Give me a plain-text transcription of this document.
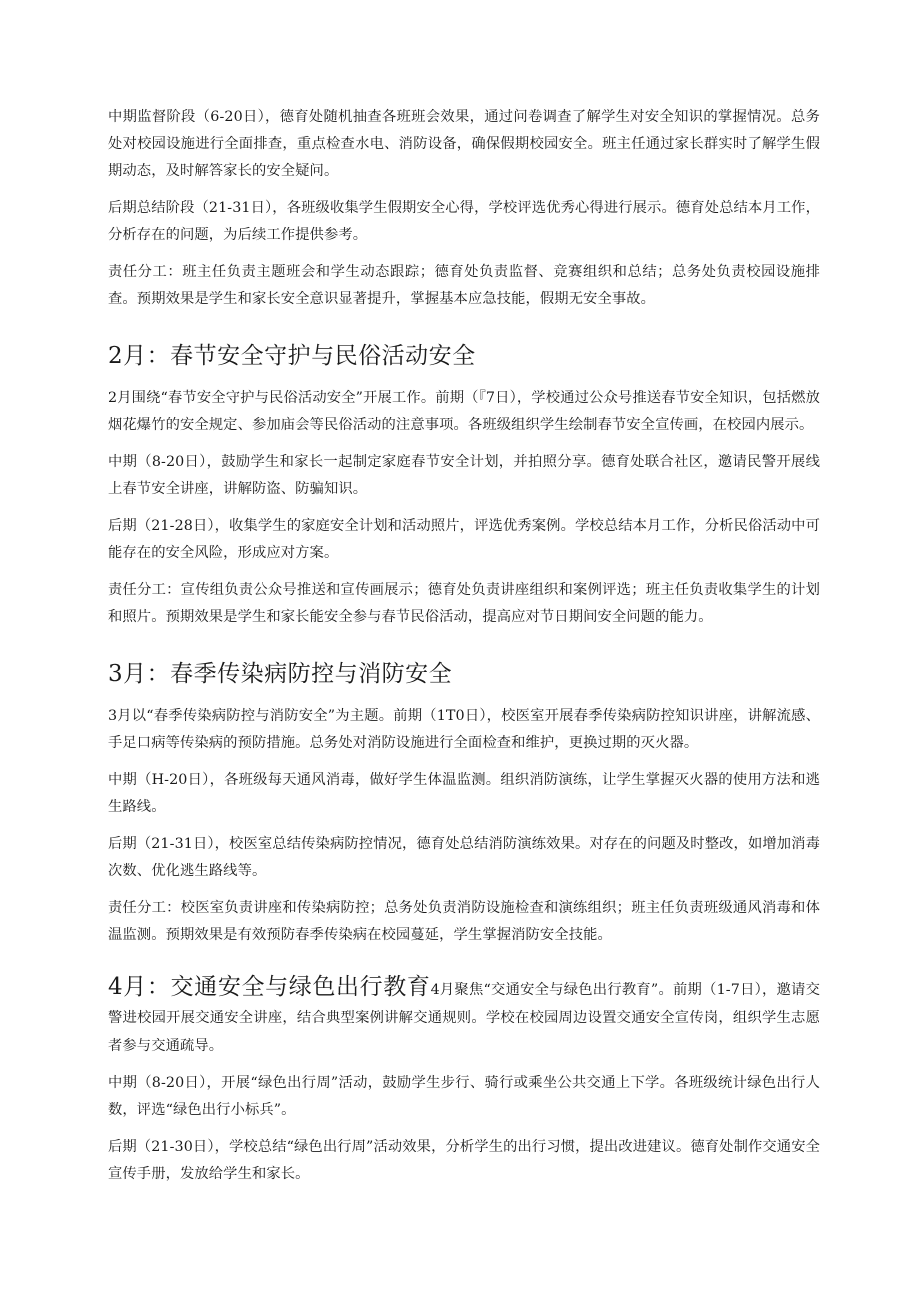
中期监督阶段（6-20日），德育处随机抽查各班班会效果，通过问卷调查了解学生对安全知识的掌握情况。总务处对校园设施进行全面排查，重点检查水电、消防设备，确保假期校园安全。班主任通过家长群实时了解学生假期动态，及时解答家长的安全疑问。

后期总结阶段（21-31日），各班级收集学生假期安全心得，学校评选优秀心得进行展示。德育处总结本月工作，分析存在的问题，为后续工作提供参考。

责任分工：班主任负责主题班会和学生动态跟踪；德育处负责监督、竞赛组织和总结；总务处负责校园设施排查。预期效果是学生和家长安全意识显著提升，掌握基本应急技能，假期无安全事故。

2月：春节安全守护与民俗活动安全

2月围绕“春节安全守护与民俗活动安全”开展工作。前期（『7日），学校通过公众号推送春节安全知识，包括燃放烟花爆竹的安全规定、参加庙会等民俗活动的注意事项。各班级组织学生绘制春节安全宣传画，在校园内展示。

中期（8-20日），鼓励学生和家长一起制定家庭春节安全计划，并拍照分享。德育处联合社区，邀请民警开展线上春节安全讲座，讲解防盗、防骗知识。

后期（21-28日），收集学生的家庭安全计划和活动照片，评选优秀案例。学校总结本月工作，分析民俗活动中可能存在的安全风险，形成应对方案。

责任分工：宣传组负责公众号推送和宣传画展示；德育处负责讲座组织和案例评选；班主任负责收集学生的计划和照片。预期效果是学生和家长能安全参与春节民俗活动，提高应对节日期间安全问题的能力。

3月：春季传染病防控与消防安全

3月以“春季传染病防控与消防安全”为主题。前期（1T0日），校医室开展春季传染病防控知识讲座，讲解流感、手足口病等传染病的预防措施。总务处对消防设施进行全面检查和维护，更换过期的灭火器。

中期（H-20日），各班级每天通风消毒，做好学生体温监测。组织消防演练，让学生掌握灭火器的使用方法和逃生路线。

后期（21-31日），校医室总结传染病防控情况，德育处总结消防演练效果。对存在的问题及时整改，如增加消毒次数、优化逃生路线等。

责任分工：校医室负责讲座和传染病防控；总务处负责消防设施检查和演练组织；班主任负责班级通风消毒和体温监测。预期效果是有效预防春季传染病在校园蔓延，学生掌握消防安全技能。

4月：交通安全与绿色出行教育4月聚焦“交通安全与绿色出行教育”。前期（1-7日），邀请交警进校园开展交通安全讲座，结合典型案例讲解交通规则。学校在校园周边设置交通安全宣传岗，组织学生志愿者参与交通疏导。

中期（8-20日），开展“绿色出行周”活动，鼓励学生步行、骑行或乘坐公共交通上下学。各班级统计绿色出行人数，评选“绿色出行小标兵”。

后期（21-30日），学校总结“绿色出行周”活动效果，分析学生的出行习惯，提出改进建议。德育处制作交通安全宣传手册，发放给学生和家长。
